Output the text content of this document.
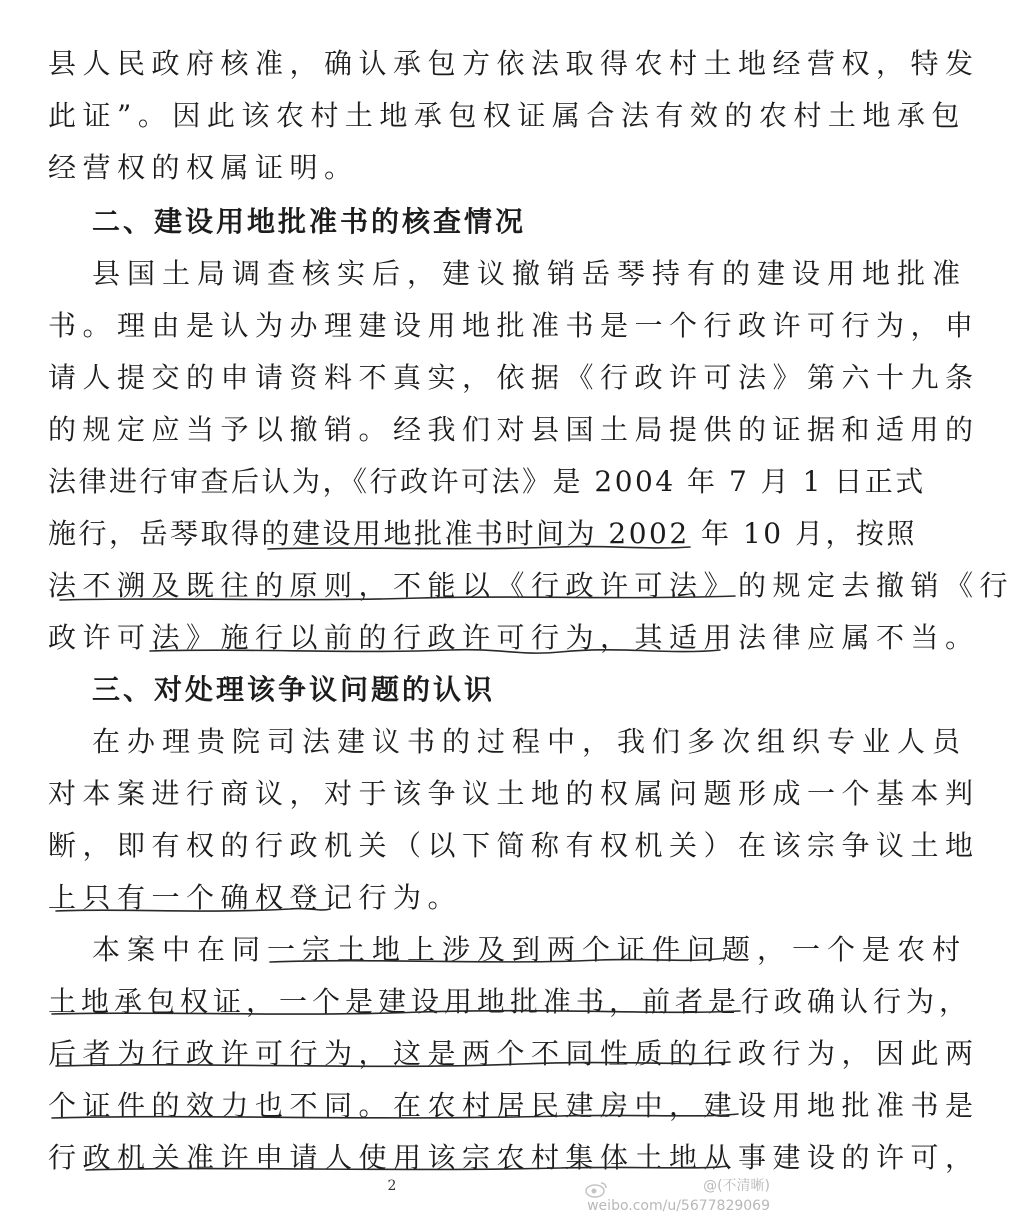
县人民政府核准，确认承包方依法取得农村土地经营权，特发
此证”。因此该农村土地承包权证属合法有效的农村土地承包
经营权的权属证明。
二、建设用地批准书的核查情况
县国土局调查核实后，建议撤销岳琴持有的建设用地批准
书。理由是认为办理建设用地批准书是一个行政许可行为，申
请人提交的申请资料不真实，依据《行政许可法》第六十九条
的规定应当予以撤销。经我们对县国土局提供的证据和适用的
法律进行审查后认为，《行政许可法》是 2004 年 7 月 1 日正式
施行，岳琴取得的建设用地批准书时间为 2002 年 10 月，按照
法不溯及既往的原则，不能以《行政许可法》的规定去撤销《行
政许可法》施行以前的行政许可行为，其适用法律应属不当。
三、对处理该争议问题的认识
在办理贵院司法建议书的过程中，我们多次组织专业人员
对本案进行商议，对于该争议土地的权属问题形成一个基本判
断，即有权的行政机关（以下简称有权机关）在该宗争议土地
上只有一个确权登记行为。
本案中在同一宗土地上涉及到两个证件问题，一个是农村
土地承包权证，一个是建设用地批准书，前者是行政确认行为，
后者为行政许可行为，这是两个不同性质的行政行为，因此两
个证件的效力也不同。在农村居民建房中，建设用地批准书是
行政机关准许申请人使用该宗农村集体土地从事建设的许可，
2	@(不清晰)
weibo.com/u/5677829069
